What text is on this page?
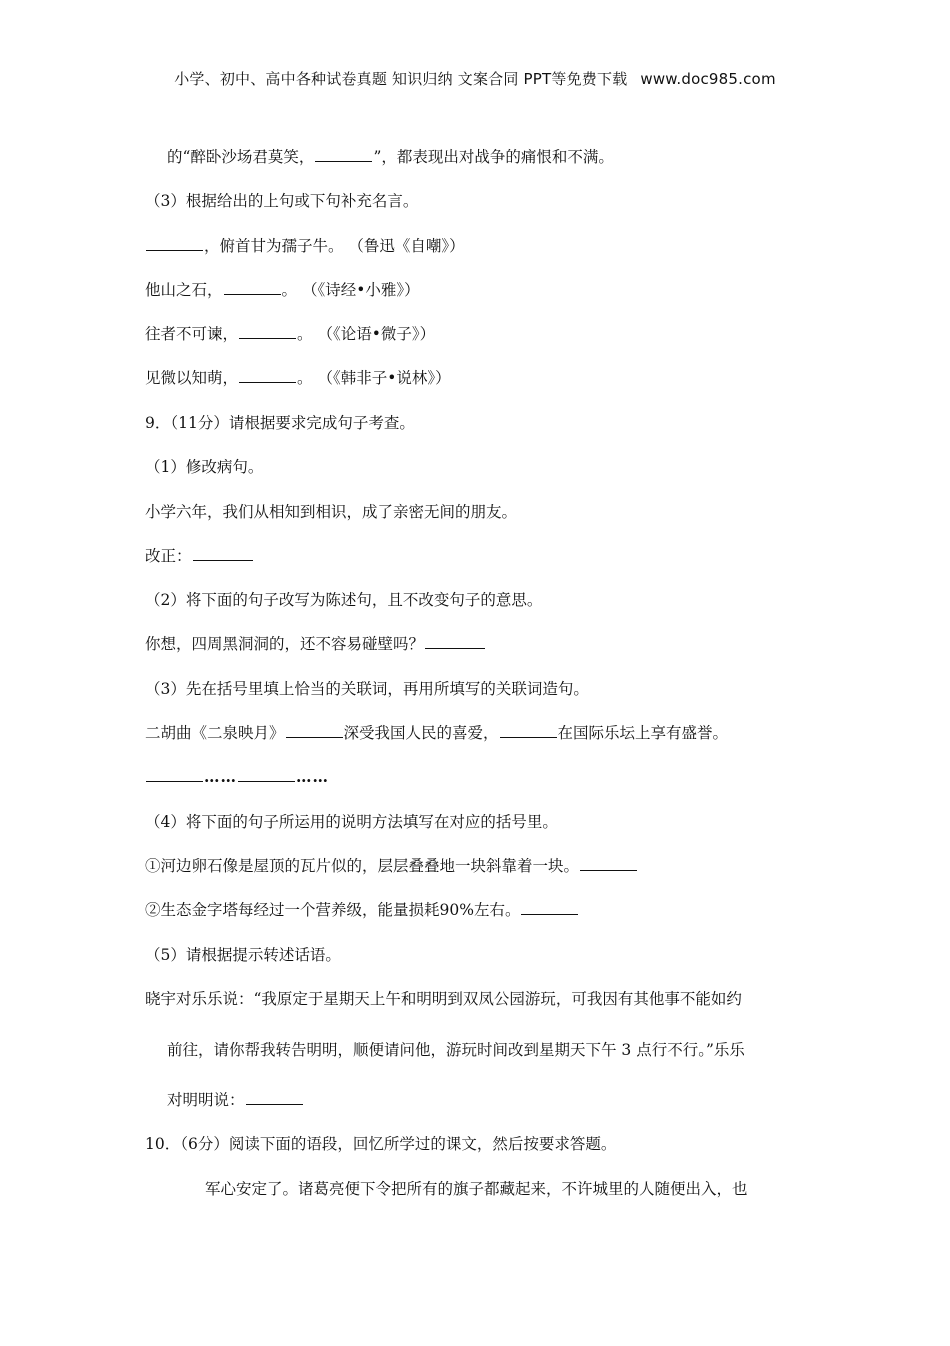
小学、初中、高中各种试卷真题 知识归纳 文案合同 PPT等免费下载 www.doc985.com
的“醉卧沙场君莫笑，	”，都表现出对战争的痛恨和不满。
（3）根据给出的上句或下句补充名言。
，俯首甘为孺子牛。 （鲁迅《自嘲》）
他山之石，	。 （《诗经•小雅》）
往者不可谏，	。 （《论语•微子》）
见微以知萌，	。 （《韩非子•说林》）
9．（11分）请根据要求完成句子考查。
（1）修改病句。
小学六年，我们从相知到相识，成了亲密无间的朋友。
改正：
（2）将下面的句子改写为陈述句，且不改变句子的意思。
你想，四周黑洞洞的，还不容易碰壁吗？
（3）先在括号里填上恰当的关联词，再用所填写的关联词造句。
二胡曲《二泉映月》	深受我国人民的喜爱，	在国际乐坛上享有盛誉。
……	……
（4）将下面的句子所运用的说明方法填写在对应的括号里。
①河边卵石像是屋顶的瓦片似的，层层叠叠地一块斜靠着一块。
②生态金字塔每经过一个营养级，能量损耗90%左右。
（5）请根据提示转述话语。
晓宇对乐乐说：“我原定于星期天上午和明明到双凤公园游玩，可我因有其他事不能如约
前往，请你帮我转告明明，顺便请问他，游玩时间改到星期天下午 3 点行不行。”乐乐
对明明说：
10．（6分）阅读下面的语段，回忆所学过的课文，然后按要求答题。
军心安定了。诸葛亮便下令把所有的旗子都藏起来，不许城里的人随便出入，也
